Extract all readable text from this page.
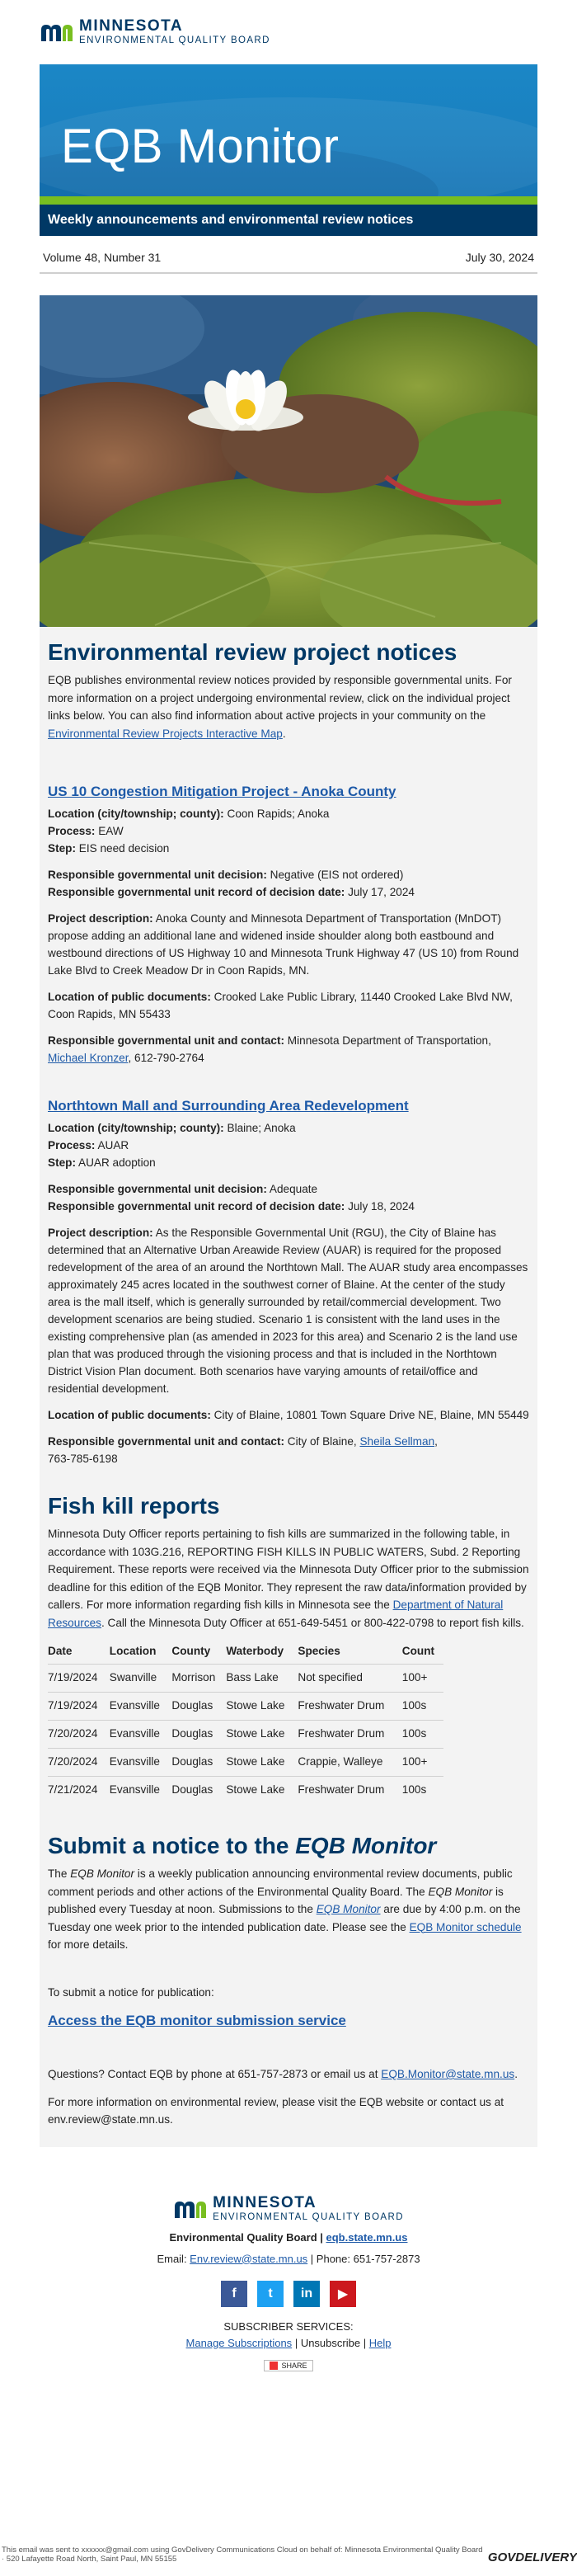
MINNESOTA
ENVIRONMENTAL QUALITY BOARD
EQB Monitor
Weekly announcements and environmental review notices
Volume 48, Number 31	July 30, 2024
Environmental review project notices

EQB publishes environmental review notices provided by responsible governmental units. For more information on a project undergoing environmental review, click on the individual project links below. You can also find information about active projects in your community on the Environmental Review Projects Interactive Map.

US 10 Congestion Mitigation Project - Anoka County
Location (city/township; county): Coon Rapids; Anoka
Process: EAW
Step: EIS need decision
Responsible governmental unit decision: Negative (EIS not ordered)
Responsible governmental unit record of decision date: July 17, 2024
Project description: Anoka County and Minnesota Department of Transportation (MnDOT) propose adding an additional lane and widened inside shoulder along both eastbound and westbound directions of US Highway 10 and Minnesota Trunk Highway 47 (US 10) from Round Lake Blvd to Creek Meadow Dr in Coon Rapids, MN.
Location of public documents: Crooked Lake Public Library, 11440 Crooked Lake Blvd NW, Coon Rapids, MN 55433
Responsible governmental unit and contact: Minnesota Department of Transportation, Michael Kronzer, 612-790-2764
Northtown Mall and Surrounding Area Redevelopment
Location (city/township; county): Blaine; Anoka
Process: AUAR
Step: AUAR adoption
Responsible governmental unit decision: Adequate
Responsible governmental unit record of decision date: July 18, 2024
Project description: As the Responsible Governmental Unit (RGU), the City of Blaine has determined that an Alternative Urban Areawide Review (AUAR) is required for the proposed redevelopment of the area of an around the Northtown Mall. The AUAR study area encompasses approximately 245 acres located in the southwest corner of Blaine. At the center of the study area is the mall itself, which is generally surrounded by retail/commercial development. Two development scenarios are being studied. Scenario 1 is consistent with the land uses in the existing comprehensive plan (as amended in 2023 for this area) and Scenario 2 is the land use plan that was produced through the visioning process and that is included in the Northtown District Vision Plan document. Both scenarios have varying amounts of retail/office and residential development.
Location of public documents: City of Blaine, 10801 Town Square Drive NE, Blaine, MN 55449
Responsible governmental unit and contact: City of Blaine, Sheila Sellman,
763-785-6198
Fish kill reports

Minnesota Duty Officer reports pertaining to fish kills are summarized in the following table, in accordance with 103G.216, REPORTING FISH KILLS IN PUBLIC WATERS, Subd. 2 Reporting Requirement. These reports were received via the Minnesota Duty Officer prior to the submission deadline for this edition of the EQB Monitor. They represent the raw data/information provided by callers. For more information regarding fish kills in Minnesota see the Department of Natural Resources. Call the Minnesota Duty Officer at 651-649-5451 or 800-422-0798 to report fish kills.

Date	Location	County	Waterbody	Species	Count
7/19/2024	Swanville	Morrison	Bass Lake	Not specified	100+
7/19/2024	Evansville	Douglas	Stowe Lake	Freshwater Drum	100s
7/20/2024	Evansville	Douglas	Stowe Lake	Freshwater Drum	100s
7/20/2024	Evansville	Douglas	Stowe Lake	Crappie, Walleye	100+
7/21/2024	Evansville	Douglas	Stowe Lake	Freshwater Drum	100s
Submit a notice to the EQB Monitor

The EQB Monitor is a weekly publication announcing environmental review documents, public comment periods and other actions of the Environmental Quality Board. The EQB Monitor is published every Tuesday at noon. Submissions to the EQB Monitor are due by 4:00 p.m. on the Tuesday one week prior to the intended publication date. Please see the EQB Monitor schedule for more details.

To submit a notice for publication:

Access the EQB monitor submission service

Questions? Contact EQB by phone at 651-757-2873 or email us at EQB.Monitor@state.mn.us.

For more information on environmental review, please visit the EQB website or contact us at env.review@state.mn.us.

MINNESOTA
ENVIRONMENTAL QUALITY BOARD
Environmental Quality Board | eqb.state.mn.us
Email: Env.review@state.mn.us | Phone: 651-757-2873
f	t	in	▶
SUBSCRIBER SERVICES:
Manage Subscriptions | Unsubscribe | Help
SHARE
This email was sent to xxxxxx@gmail.com using GovDelivery Communications Cloud on behalf of: Minnesota Environmental Quality Board · 520 Lafayette Road North, Saint Paul, MN 55155	GOVDELIVERY
